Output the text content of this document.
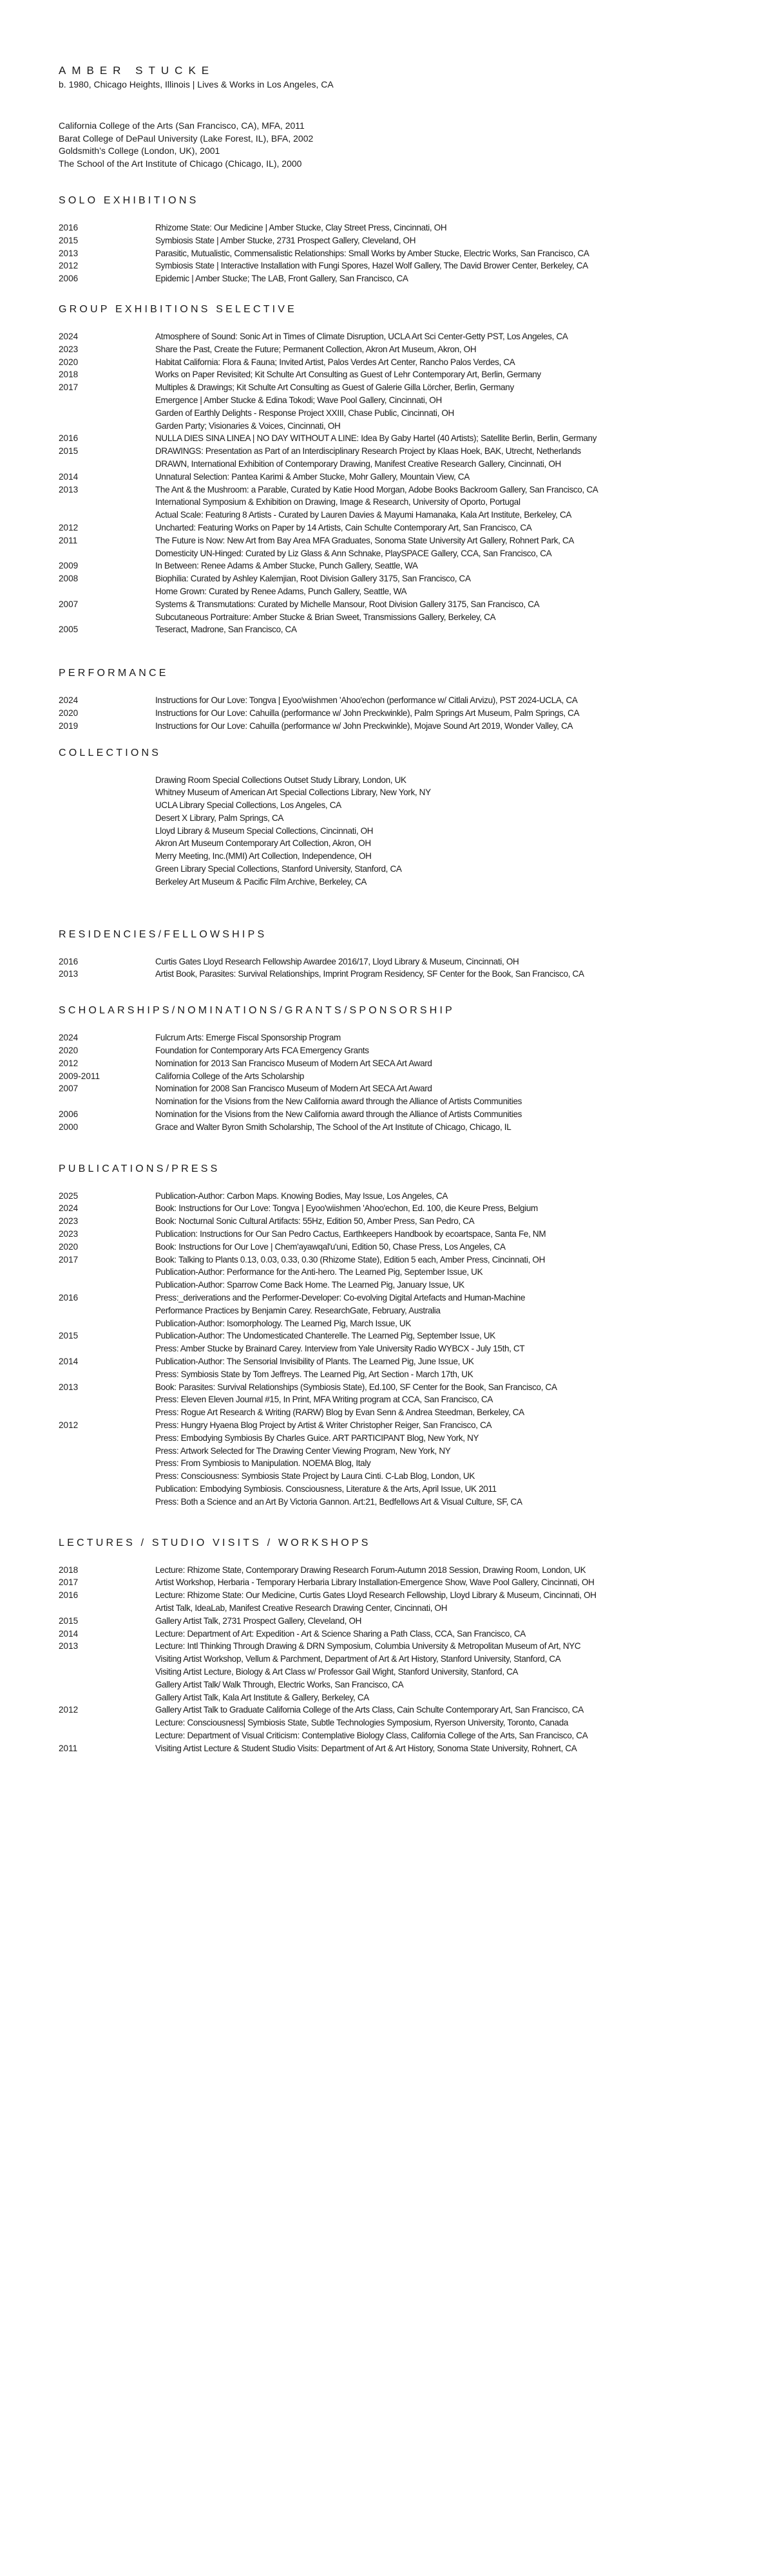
AMBER STUCKE
b. 1980, Chicago Heights, Illinois | Lives & Works in Los Angeles, CA
California College of the Arts (San Francisco, CA), MFA, 2011
Barat College of DePaul University (Lake Forest, IL), BFA, 2002
Goldsmith’s College (London, UK), 2001
The School of the Art Institute of Chicago (Chicago, IL), 2000
SOLO EXHIBITIONS
2016	Rhizome State: Our Medicine | Amber Stucke, Clay Street Press, Cincinnati, OH
2015	Symbiosis State | Amber Stucke, 2731 Prospect Gallery, Cleveland, OH
2013	Parasitic, Mutualistic, Commensalistic Relationships: Small Works by Amber Stucke, Electric Works, San Francisco, CA
2012	Symbiosis State | Interactive Installation with Fungi Spores, Hazel Wolf Gallery, The David Brower Center, Berkeley, CA
2006	Epidemic | Amber Stucke; The LAB, Front Gallery, San Francisco, CA
GROUP EXHIBITIONS SELECTIVE
2024	Atmosphere of Sound: Sonic Art in Times of Climate Disruption, UCLA Art Sci Center-Getty PST, Los Angeles, CA
2023	Share the Past, Create the Future; Permanent Collection, Akron Art Museum, Akron, OH
2020	Habitat California: Flora & Fauna; Invited Artist, Palos Verdes Art Center, Rancho Palos Verdes, CA
2018	Works on Paper Revisited; Kit Schulte Art Consulting as Guest of Lehr Contemporary Art, Berlin, Germany
2017	Multiples & Drawings; Kit Schulte Art Consulting as Guest of Galerie Gilla Lörcher, Berlin, Germany
Emergence | Amber Stucke & Edina Tokodi; Wave Pool Gallery, Cincinnati, OH
Garden of Earthly Delights - Response Project XXIII, Chase Public, Cincinnati, OH
Garden Party; Visionaries & Voices, Cincinnati, OH
2016	NULLA DIES SINA LINEA | NO DAY WITHOUT A LINE: Idea By Gaby Hartel (40 Artists); Satellite Berlin, Berlin, Germany
2015	DRAWINGS: Presentation as Part of an Interdisciplinary Research Project by Klaas Hoek, BAK, Utrecht, Netherlands
DRAWN, International Exhibition of Contemporary Drawing, Manifest Creative Research Gallery, Cincinnati, OH
2014	Unnatural Selection: Pantea Karimi & Amber Stucke, Mohr Gallery, Mountain View, CA
2013	The Ant & the Mushroom: a Parable, Curated by Katie Hood Morgan, Adobe Books Backroom Gallery, San Francisco, CA
International Symposium & Exhibition on Drawing, Image & Research, University of Oporto, Portugal
Actual Scale: Featuring 8 Artists - Curated by Lauren Davies & Mayumi Hamanaka, Kala Art Institute, Berkeley, CA
2012	Uncharted: Featuring Works on Paper by 14 Artists, Cain Schulte Contemporary Art, San Francisco, CA
2011	The Future is Now: New Art from Bay Area MFA Graduates, Sonoma State University Art Gallery, Rohnert Park, CA
Domesticity UN-Hinged: Curated by Liz Glass & Ann Schnake, PlaySPACE Gallery, CCA, San Francisco, CA
2009	In Between: Renee Adams & Amber Stucke, Punch Gallery, Seattle, WA
2008	Biophilia: Curated by Ashley Kalemjian, Root Division Gallery 3175, San Francisco, CA
Home Grown: Curated by Renee Adams, Punch Gallery, Seattle, WA
2007	Systems & Transmutations: Curated by Michelle Mansour, Root Division Gallery 3175, San Francisco, CA
Subcutaneous Portraiture: Amber Stucke & Brian Sweet, Transmissions Gallery, Berkeley, CA
2005	Teseract, Madrone, San Francisco, CA
PERFORMANCE
2024	Instructions for Our Love: Tongva | Eyoo'wiishmen 'Ahoo'echon (performance w/ Citlali Arvizu), PST 2024-UCLA, CA
2020	Instructions for Our Love: Cahuilla (performance w/ John Preckwinkle), Palm Springs Art Museum, Palm Springs, CA
2019	Instructions for Our Love: Cahuilla (performance w/ John Preckwinkle), Mojave Sound Art 2019, Wonder Valley, CA
COLLECTIONS
Drawing Room Special Collections Outset Study Library, London, UK
Whitney Museum of American Art Special Collections Library, New York, NY
UCLA Library Special Collections, Los Angeles, CA
Desert X Library, Palm Springs, CA
Lloyd Library & Museum Special Collections, Cincinnati, OH
Akron Art Museum Contemporary Art Collection, Akron, OH
Merry Meeting, Inc.(MMI) Art Collection, Independence, OH
Green Library Special Collections, Stanford University, Stanford, CA
Berkeley Art Museum & Pacific Film Archive, Berkeley, CA
RESIDENCIES/FELLOWSHIPS
2016	Curtis Gates Lloyd Research Fellowship Awardee 2016/17, Lloyd Library & Museum, Cincinnati, OH
2013	Artist Book, Parasites: Survival Relationships, Imprint Program Residency, SF Center for the Book, San Francisco, CA
SCHOLARSHIPS/NOMINATIONS/GRANTS/SPONSORSHIP
2024	Fulcrum Arts: Emerge Fiscal Sponsorship Program
2020	Foundation for Contemporary Arts FCA Emergency Grants
2012	Nomination for 2013 San Francisco Museum of Modern Art SECA Art Award
2009-2011	California College of the Arts Scholarship
2007	Nomination for 2008 San Francisco Museum of Modern Art SECA Art Award
Nomination for the Visions from the New California award through the Alliance of Artists Communities
2006	Nomination for the Visions from the New California award through the Alliance of Artists Communities
2000	Grace and Walter Byron Smith Scholarship, The School of the Art Institute of Chicago, Chicago, IL
PUBLICATIONS/PRESS
2025	Publication-Author: Carbon Maps. Knowing Bodies, May Issue, Los Angeles, CA
2024	Book: Instructions for Our Love: Tongva | Eyoo'wiishmen 'Ahoo'echon, Ed. 100, die Keure Press, Belgium
2023	Book: Nocturnal Sonic Cultural Artifacts: 55Hz, Edition 50, Amber Press, San Pedro, CA
2023	Publication: Instructions for Our San Pedro Cactus, Earthkeepers Handbook by ecoartspace, Santa Fe, NM
2020	Book: Instructions for Our Love | Chem'ayawqal'u'uni, Edition 50, Chase Press, Los Angeles, CA
2017	Book: Talking to Plants 0.13, 0.03, 0.33, 0.30 (Rhizome State), Edition 5 each, Amber Press, Cincinnati, OH
Publication-Author: Performance for the Anti-hero. The Learned Pig, September Issue, UK
Publication-Author: Sparrow Come Back Home. The Learned Pig, January Issue, UK
2016	Press:_deriverations and the Performer-Developer: Co-evolving Digital Artefacts and Human-Machine
Performance Practices by Benjamin Carey. ResearchGate, February, Australia
Publication-Author: Isomorphology. The Learned Pig, March Issue, UK
2015	Publication-Author: The Undomesticated Chanterelle. The Learned Pig, September Issue, UK
Press: Amber Stucke by Brainard Carey. Interview from Yale University Radio WYBCX - July 15th, CT
2014	Publication-Author: The Sensorial Invisibility of Plants. The Learned Pig, June Issue, UK
Press: Symbiosis State by Tom Jeffreys. The Learned Pig, Art Section - March 17th, UK
2013	Book: Parasites: Survival Relationships (Symbiosis State), Ed.100, SF Center for the Book, San Francisco, CA
Press: Eleven Eleven Journal #15, In Print, MFA Writing program at CCA, San Francisco, CA
Press: Rogue Art Research & Writing (RARW) Blog by Evan Senn & Andrea Steedman, Berkeley, CA
2012	Press: Hungry Hyaena Blog Project by Artist & Writer Christopher Reiger, San Francisco, CA
Press: Embodying Symbiosis By Charles Guice. ART PARTICIPANT Blog, New York, NY
Press: Artwork Selected for The Drawing Center Viewing Program, New York, NY
Press: From Symbiosis to Manipulation. NOEMA Blog, Italy
Press: Consciousness: Symbiosis State Project by Laura Cinti. C-Lab Blog, London, UK
Publication: Embodying Symbiosis. Consciousness, Literature & the Arts, April Issue, UK 2011
Press: Both a Science and an Art By Victoria Gannon. Art:21, Bedfellows Art & Visual Culture, SF, CA
LECTURES / STUDIO VISITS / WORKSHOPS
2018	Lecture: Rhizome State, Contemporary Drawing Research Forum-Autumn 2018 Session, Drawing Room, London, UK
2017	Artist Workshop, Herbaria - Temporary Herbaria Library Installation-Emergence Show, Wave Pool Gallery, Cincinnati, OH
2016	Lecture: Rhizome State: Our Medicine, Curtis Gates Lloyd Research Fellowship, Lloyd Library & Museum, Cincinnati, OH
Artist Talk, IdeaLab, Manifest Creative Research Drawing Center, Cincinnati, OH
2015	Gallery Artist Talk, 2731 Prospect Gallery, Cleveland, OH
2014	Lecture: Department of Art: Expedition - Art & Science Sharing a Path Class, CCA, San Francisco, CA
2013	Lecture: Intl Thinking Through Drawing & DRN Symposium, Columbia University & Metropolitan Museum of Art, NYC
Visiting Artist Workshop, Vellum & Parchment, Department of Art & Art History, Stanford University, Stanford, CA
Visiting Artist Lecture, Biology & Art Class w/ Professor Gail Wight, Stanford University, Stanford, CA
Gallery Artist Talk/ Walk Through, Electric Works, San Francisco, CA
Gallery Artist Talk, Kala Art Institute & Gallery, Berkeley, CA
2012	Gallery Artist Talk to Graduate California College of the Arts Class, Cain Schulte Contemporary Art, San Francisco, CA
Lecture: Consciousness| Symbiosis State, Subtle Technologies Symposium, Ryerson University, Toronto, Canada
Lecture: Department of Visual Criticism: Contemplative Biology Class, California College of the Arts, San Francisco, CA
2011	Visiting Artist Lecture & Student Studio Visits: Department of Art & Art History, Sonoma State University, Rohnert, CA
